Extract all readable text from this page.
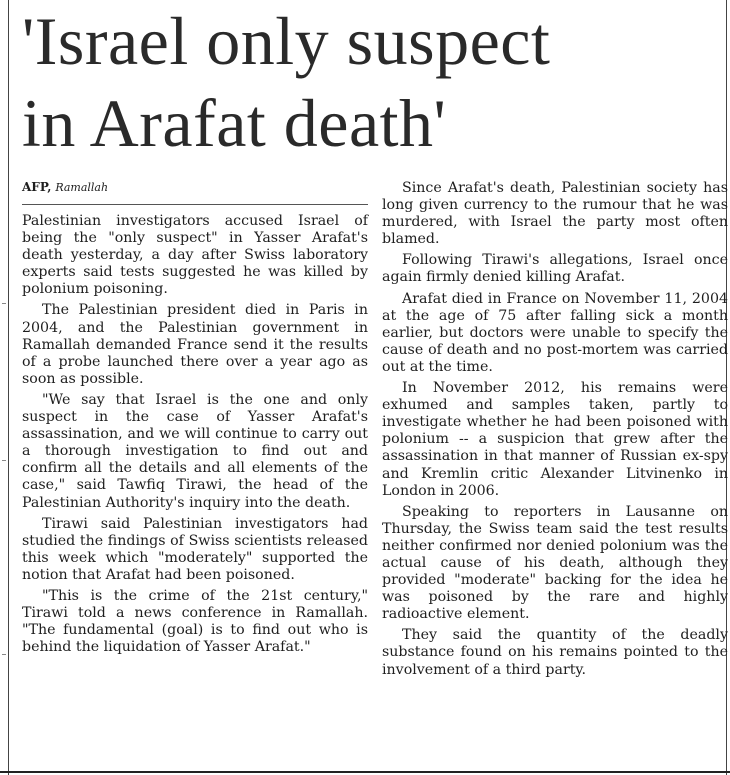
'Israel only suspect
in Arafat death'
AFP, Ramallah

Palestinian investigators accused Israel of being the "only suspect" in Yasser Arafat's death yesterday, a day after Swiss laboratory experts said tests suggested he was killed by polonium poisoning.

The Palestinian president died in Paris in 2004, and the Palestinian government in Ramallah demanded France send it the results of a probe launched there over a year ago as soon as possible.

"We say that Israel is the one and only suspect in the case of Yasser Arafat's assassination, and we will continue to carry out a thorough investigation to find out and confirm all the details and all elements of the case," said Tawfiq Tirawi, the head of the Palestinian Authority's inquiry into the death.

Tirawi said Palestinian investigators had studied the findings of Swiss scientists released this week which "moderately" supported the notion that Arafat had been poisoned.

"This is the crime of the 21st century," Tirawi told a news conference in Ramallah. "The fundamental (goal) is to find out who is behind the liquidation of Yasser Arafat."

Since Arafat's death, Palestinian society has long given currency to the rumour that he was murdered, with Israel the party most often blamed.

Following Tirawi's allegations, Israel once again firmly denied killing Arafat.

Arafat died in France on November 11, 2004 at the age of 75 after falling sick a month earlier, but doctors were unable to specify the cause of death and no post-mortem was carried out at the time.

In November 2012, his remains were exhumed and samples taken, partly to investigate whether he had been poisoned with polonium -- a suspicion that grew after the assassination in that manner of Russian ex-spy and Kremlin critic Alexander Litvinenko in London in 2006.

Speaking to reporters in Lausanne on Thursday, the Swiss team said the test results neither confirmed nor denied polonium was the actual cause of his death, although they provided "moderate" backing for the idea he was poisoned by the rare and highly radioactive element.

They said the quantity of the deadly substance found on his remains pointed to the involvement of a third party.
